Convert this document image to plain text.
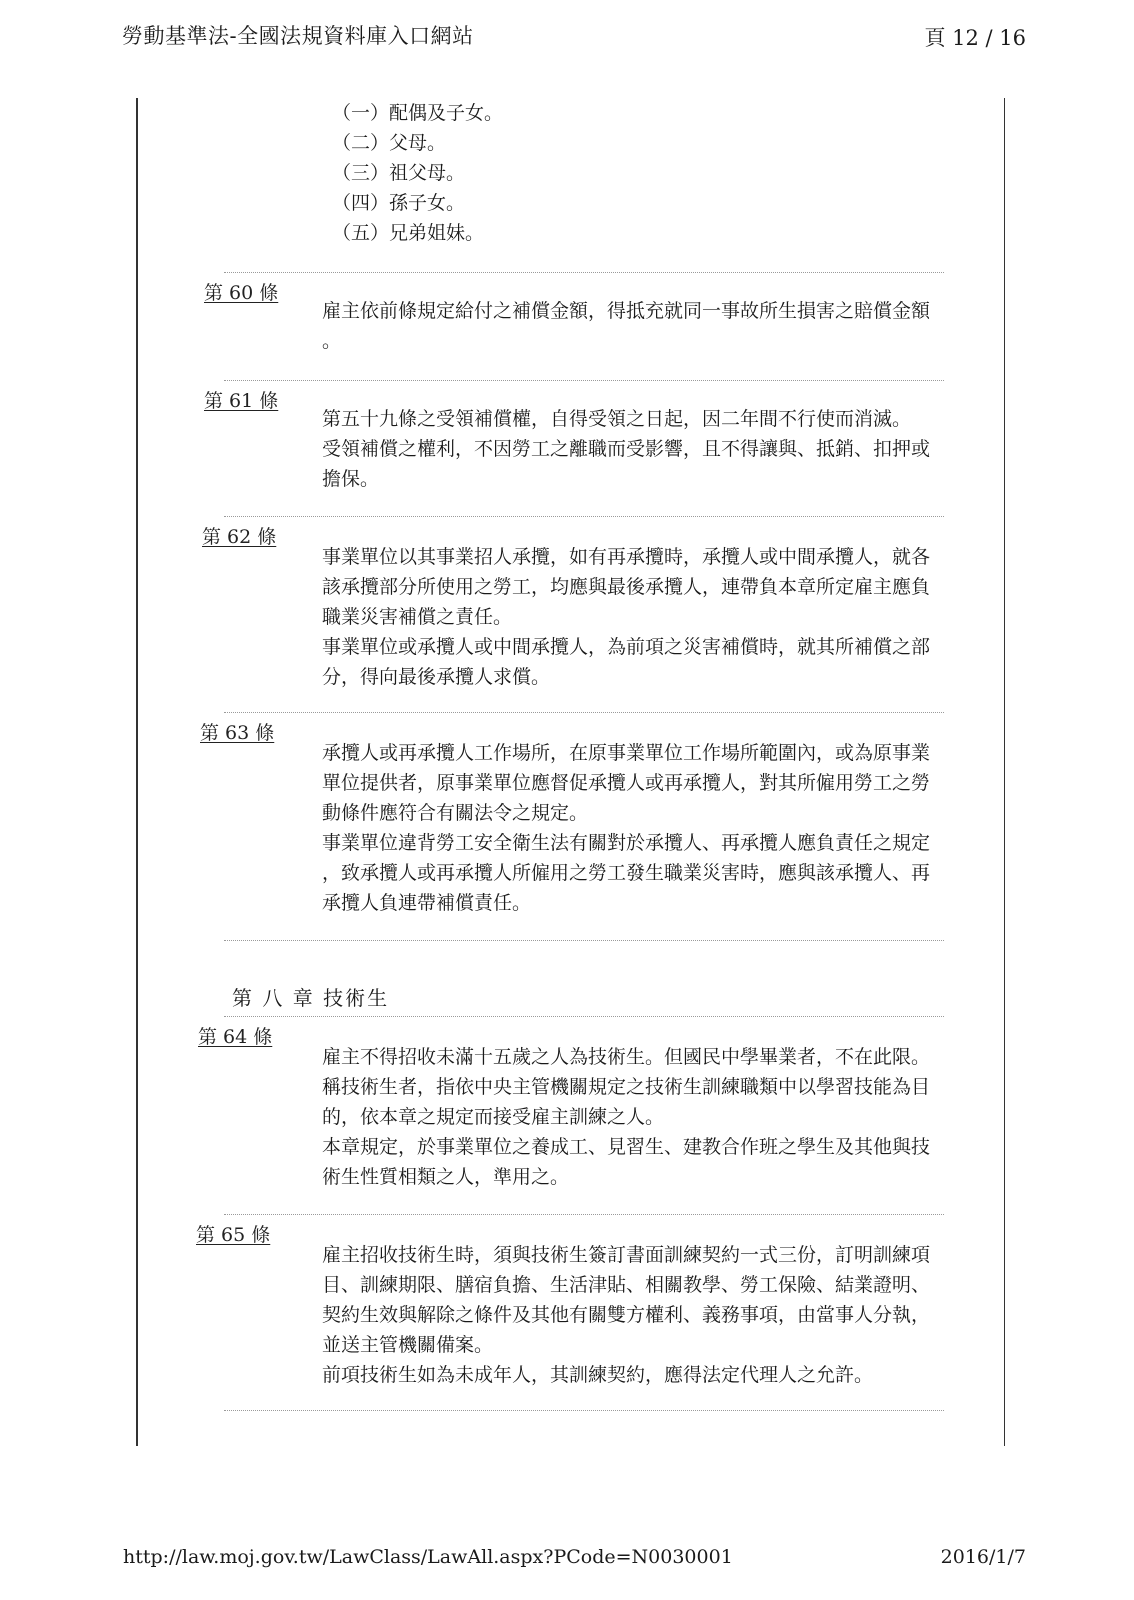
勞動基準法-全國法規資料庫入口網站	頁 12 / 16
（一）配偶及子女。
（二）父母。
（三）祖父母。
（四）孫子女。
（五）兄弟姐妹。
第 60 條

雇主依前條規定給付之補償金額，得抵充就同一事故所生損害之賠償金額

。

第 61 條

第五十九條之受領補償權，自得受領之日起，因二年間不行使而消滅。

受領補償之權利，不因勞工之離職而受影響，且不得讓與、抵銷、扣押或

擔保。

第 62 條

事業單位以其事業招人承攬，如有再承攬時，承攬人或中間承攬人，就各

該承攬部分所使用之勞工，均應與最後承攬人，連帶負本章所定雇主應負

職業災害補償之責任。

事業單位或承攬人或中間承攬人，為前項之災害補償時，就其所補償之部

分，得向最後承攬人求償。

第 63 條

承攬人或再承攬人工作場所，在原事業單位工作場所範圍內，或為原事業

單位提供者，原事業單位應督促承攬人或再承攬人，對其所僱用勞工之勞

動條件應符合有關法令之規定。

事業單位違背勞工安全衛生法有關對於承攬人、再承攬人應負責任之規定

，致承攬人或再承攬人所僱用之勞工發生職業災害時，應與該承攬人、再

承攬人負連帶補償責任。

第 八 章 技術生
第 64 條

雇主不得招收未滿十五歲之人為技術生。但國民中學畢業者，不在此限。

稱技術生者，指依中央主管機關規定之技術生訓練職類中以學習技能為目

的，依本章之規定而接受雇主訓練之人。

本章規定，於事業單位之養成工、見習生、建教合作班之學生及其他與技

術生性質相類之人，準用之。

第 65 條

雇主招收技術生時，須與技術生簽訂書面訓練契約一式三份，訂明訓練項

目、訓練期限、膳宿負擔、生活津貼、相關教學、勞工保險、結業證明、

契約生效與解除之條件及其他有關雙方權利、義務事項，由當事人分執，

並送主管機關備案。

前項技術生如為未成年人，其訓練契約，應得法定代理人之允許。

http://law.moj.gov.tw/LawClass/LawAll.aspx?PCode=N0030001	2016/1/7
